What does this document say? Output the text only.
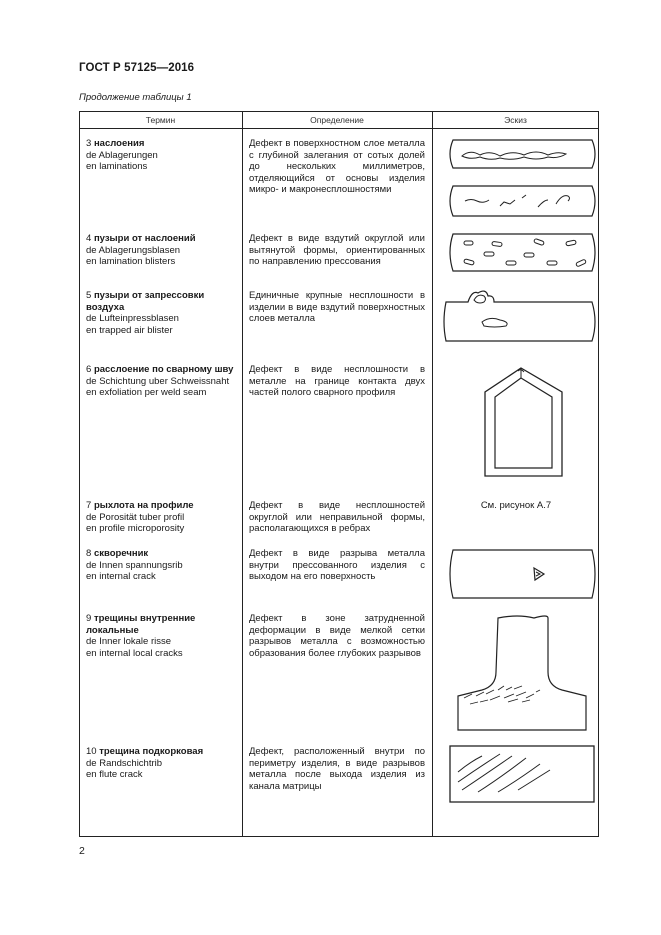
ГОСТ Р 57125—2016
Продолжение таблицы 1
Термин	Определение	Эскиз
3 наслоения
de Ablagerungen
en laminations
Дефект в поверхностном слое металла с глубиной залегания от сотых долей до нескольких миллиметров, отделяющийся от основы изделия микро- и макронесплошностями
4 пузыри от наслоений
de Ablagerungsblasen
en lamination blisters
Дефект в виде вздутий округлой или вытянутой формы, ориентированных по направлению прессования
5 пузыри от запрессовки воздуха
de Lufteinpressblasen
en trapped air blister
Единичные крупные несплошности в изделии в виде вздутий поверхностных слоев металла
6 расслоение по сварному шву
de Schichtung uber Schweissnaht
en exfoliation per weld seam
Дефект в виде несплошности в металле на границе контакта двух частей полого сварного профиля
7 рыхлота на профиле
de Porosität tuber profil
en profile microporosity
Дефект в виде несплошностей округлой или неправильной формы, располагающихся в ребрах
См. рисунок А.7
8 скворечник
de Innen spannungsrib
en internal crack
Дефект в виде разрыва металла внутри прессованного изделия с выходом на его поверхность
9 трещины внутренние локальные
de Inner lokale risse
en internal local cracks
Дефект в зоне затрудненной деформации в виде мелкой сетки разрывов металла с возможностью образования более глубоких разрывов
10 трещина подкорковая
de Randschichtrib
en flute crack
Дефект, расположенный внутри по периметру изделия, в виде разрывов металла после выхода изделия из канала матрицы
2
